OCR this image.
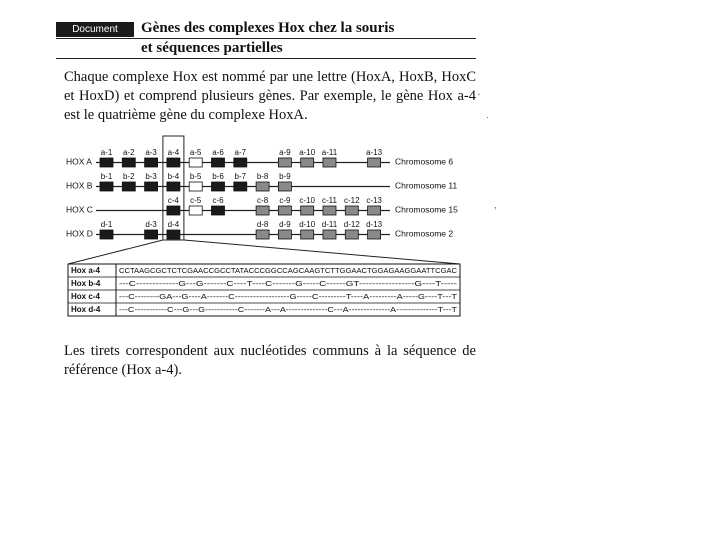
Document	Gènes des complexes Hox chez la souris
et séquences partielles

Chaque complexe Hox est nommé par une lettre (HoxA, HoxB, HoxC et HoxD) et comprend plusieurs gènes. Par exemple, le gène Hox a-4 est le quatrième gène du complexe HoxA.

HOX A	Chromosome 6
a-1 a-2 a-3 a-4 a-5 a-6 a-7	a-9 a-10 a-11	a-13
HOX B	Chromosome 11
b-1 b-2 b-3 b-4 b-5 b-6 b-7 b-8 b-9
HOX C	Chromosome 15
c-4 c-5 c-6	c-8 c-9 c-10 c-11 c-12 c-13
HOX D	Chromosome 2
d-1	d-3 d-4	d-8 d-9 d-10 d-11 d-12 d-13
Hox a-4	CCTAAGCGCTCTCGAACCGCCTATACCCGGCCAGCAAGTCTTGGAACTGGAGAAGGAATTCGAC
Hox b-4 ---C-------------G---G-------C----T----C-------G-----C------GT-----------------G----T-----
Hox c-4	---C--------GA---G----A-------C------------------G-----C---------T----A---------A-----G----T---T
Hox d-4 ---C-----------C---G---G-----------C-------A---A--------------C---A--------------A--------------T---T

Les tirets correspondent aux nucléotides communs à la séquence de référence (Hox a-4).

'
·
,
